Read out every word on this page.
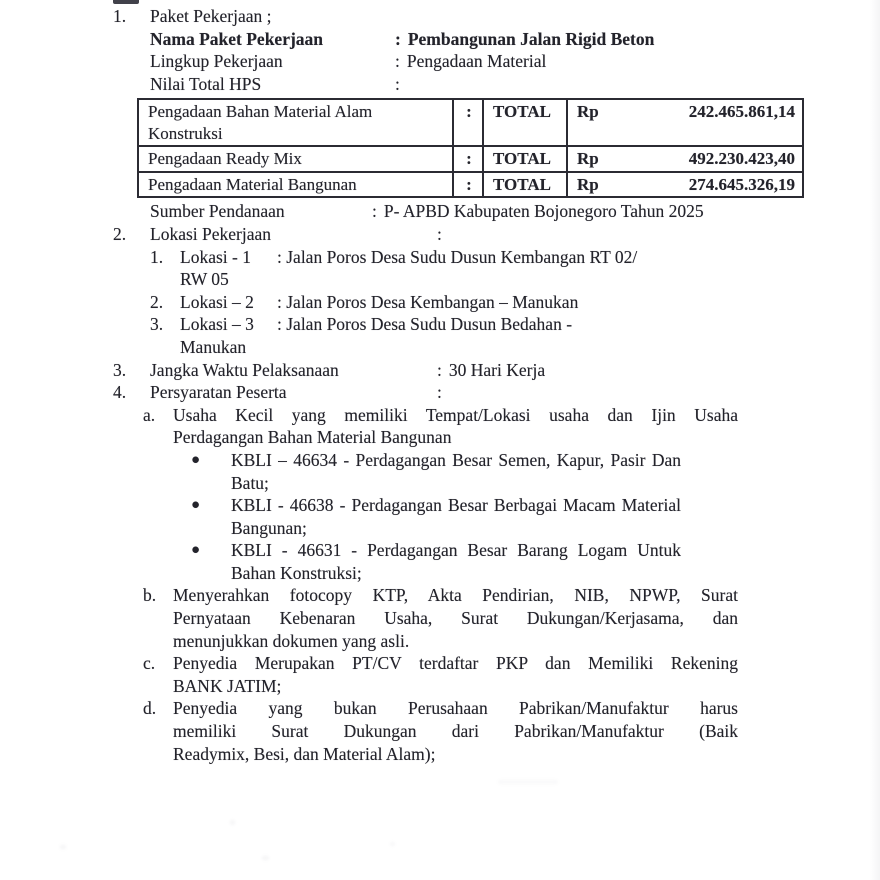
1.	Paket Pekerjaan ;
Nama Paket Pekerjaan	: Pembangunan Jalan Rigid Beton
Lingkup Pekerjaan	: Pengadaan Material
Nilai Total HPS	:
Pengadaan Bahan Material Alam Konstruksi	:	TOTAL	Rp 242.465.861,14

Pengadaan Ready Mix	:	TOTAL	Rp 492.230.423,40

Pengadaan Material Bangunan	:	TOTAL	Rp 274.645.326,19
Sumber Pendanaan	: P- APBD Kabupaten Bojonegoro Tahun 2025
2.	Lokasi Pekerjaan	:
1. Lokasi - 1	: Jalan Poros Desa Sudu Dusun Kembangan RT 02/
RW 05
2. Lokasi – 2	: Jalan Poros Desa Kembangan – Manukan
3. Lokasi – 3	: Jalan Poros Desa Sudu Dusun Bedahan -
Manukan
3.	Jangka Waktu Pelaksanaan	: 30 Hari Kerja
4.	Persyaratan Peserta	:
a.	Usaha Kecil yang memiliki Tempat/Lokasi usaha dan Ijin Usaha
Perdagangan Bahan Material Bangunan
●	KBLI – 46634 - Perdagangan Besar Semen, Kapur, Pasir Dan
Batu;
●	KBLI - 46638 - Perdagangan Besar Berbagai Macam Material
Bangunan;
●	KBLI - 46631 - Perdagangan Besar Barang Logam Untuk
Bahan Konstruksi;
b. Menyerahkan fotocopy KTP, Akta Pendirian, NIB, NPWP, Surat
Pernyataan Kebenaran Usaha, Surat Dukungan/Kerjasama, dan
menunjukkan dokumen yang asli.
c.	Penyedia Merupakan PT/CV terdaftar PKP dan Memiliki Rekening
BANK JATIM;
d. Penyedia yang bukan Perusahaan Pabrikan/Manufaktur harus
memiliki Surat Dukungan dari Pabrikan/Manufaktur (Baik
Readymix, Besi, dan Material Alam);
